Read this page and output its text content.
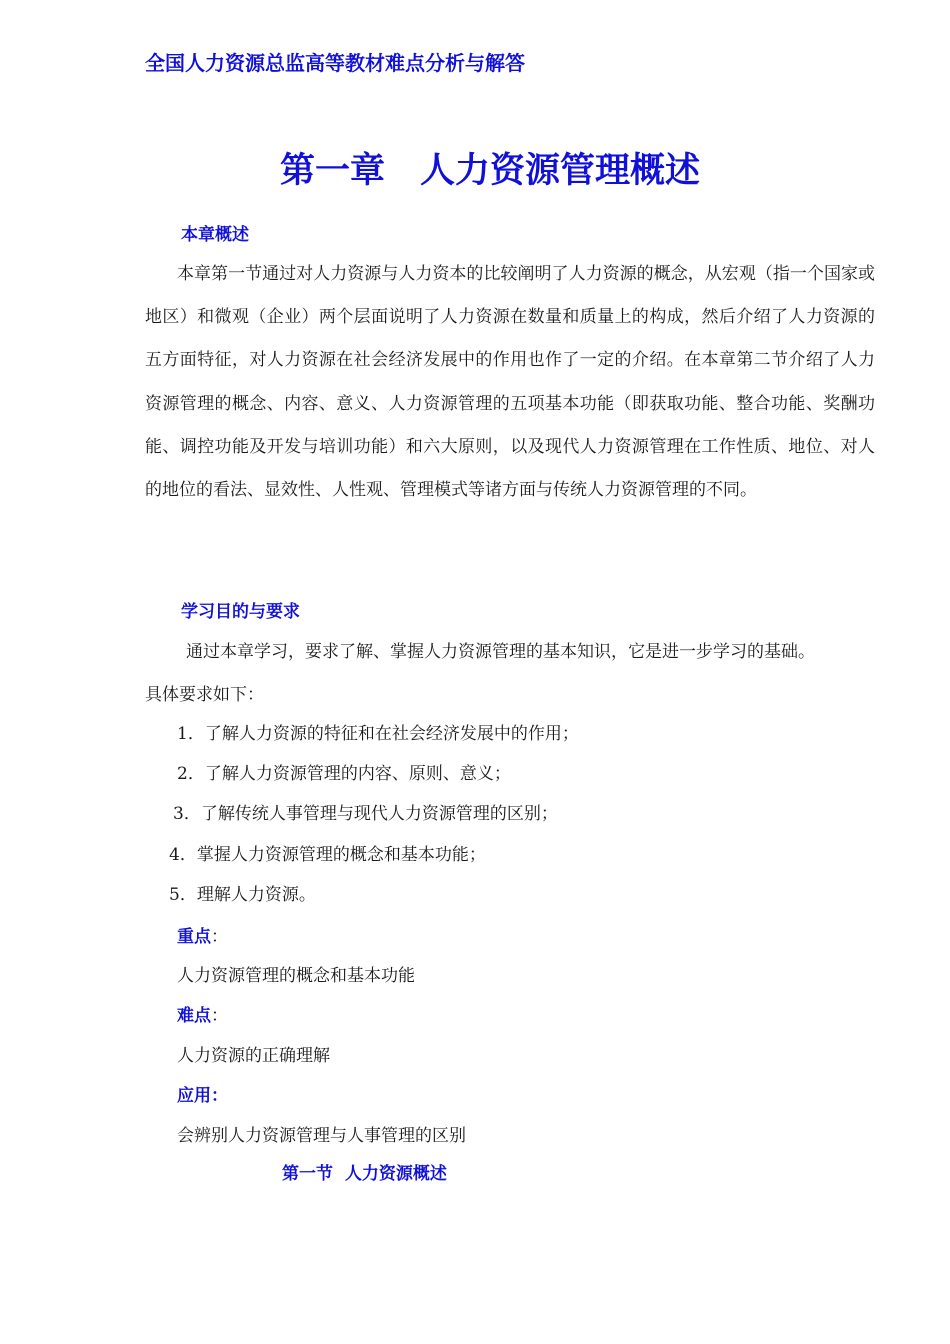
全国人力资源总监高等教材难点分析与解答
第一章　人力资源管理概述
本章概述

本章第一节通过对人力资源与人力资本的比较阐明了人力资源的概念，从宏观（指一个国家或地区）和微观（企业）两个层面说明了人力资源在数量和质量上的构成，然后介绍了人力资源的五方面特征，对人力资源在社会经济发展中的作用也作了一定的介绍。在本章第二节介绍了人力资源管理的概念、内容、意义、人力资源管理的五项基本功能（即获取功能、整合功能、奖酬功能、调控功能及开发与培训功能）和六大原则，以及现代人力资源管理在工作性质、地位、对人的地位的看法、显效性、人性观、管理模式等诸方面与传统人力资源管理的不同。

学习目的与要求
通过本章学习，要求了解、掌握人力资源管理的基本知识，它是进一步学习的基础。
具体要求如下：
1．了解人力资源的特征和在社会经济发展中的作用；
2．了解人力资源管理的内容、原则、意义；
3．了解传统人事管理与现代人力资源管理的区别；
4．掌握人力资源管理的概念和基本功能；
5．理解人力资源。
重点：
人力资源管理的概念和基本功能
难点：
人力资源的正确理解
应用：
会辨别人力资源管理与人事管理的区别
第一节  人力资源概述
